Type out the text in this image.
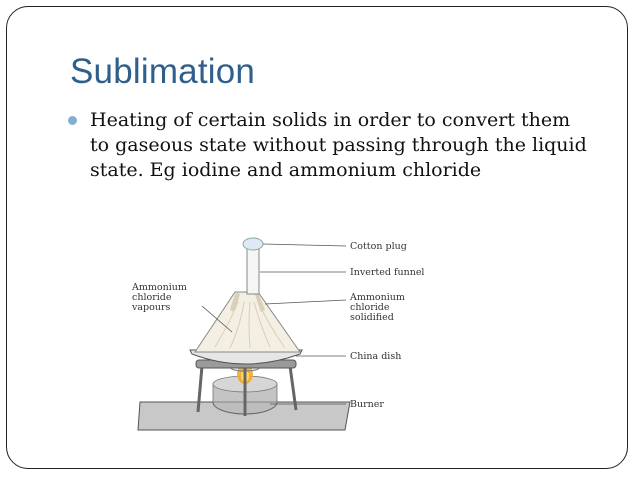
Sublimation
Heating of certain solids in order to convert them to gaseous state without passing through the liquid state. Eg iodine and ammonium chloride
Cotton plug
Inverted funnel
Ammonium
chloride
solidified
Ammonium
chloride
vapours
China dish
Burner
